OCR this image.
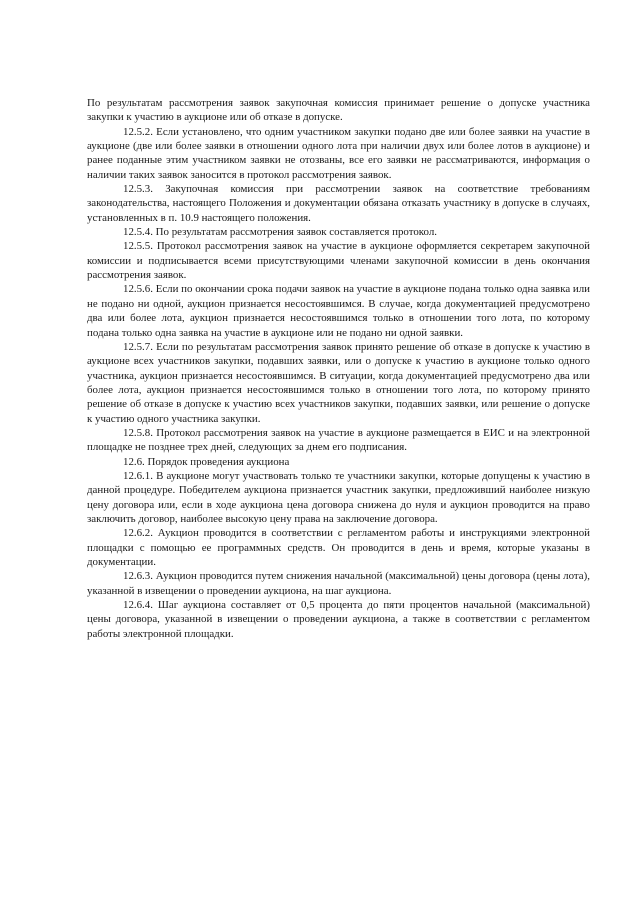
По результатам рассмотрения заявок закупочная комиссия принимает решение о допуске участника закупки к участию в аукционе или об отказе в допуске.

12.5.2. Если установлено, что одним участником закупки подано две или более заявки на участие в аукционе (две или более заявки в отношении одного лота при наличии двух или более лотов в аукционе) и ранее поданные этим участником заявки не отозваны, все его заявки не рассматриваются, информация о наличии таких заявок заносится в протокол рассмотрения заявок.

12.5.3. Закупочная комиссия при рассмотрении заявок на соответствие требованиям законодательства, настоящего Положения и документации обязана отказать участнику в допуске в случаях, установленных в п. 10.9 настоящего положения.

12.5.4. По результатам рассмотрения заявок составляется протокол.

12.5.5. Протокол рассмотрения заявок на участие в аукционе оформляется секретарем закупочной комиссии и подписывается всеми присутствующими членами закупочной комиссии в день окончания рассмотрения заявок.

12.5.6. Если по окончании срока подачи заявок на участие в аукционе подана только одна заявка или не подано ни одной, аукцион признается несостоявшимся. В случае, когда документацией предусмотрено два или более лота, аукцион признается несостоявшимся только в отношении того лота, по которому подана только одна заявка на участие в аукционе или не подано ни одной заявки.

12.5.7. Если по результатам рассмотрения заявок принято решение об отказе в допуске к участию в аукционе всех участников закупки, подавших заявки, или о допуске к участию в аукционе только одного участника, аукцион признается несостоявшимся. В ситуации, когда документацией предусмотрено два или более лота, аукцион признается несостоявшимся только в отношении того лота, по которому принято решение об отказе в допуске к участию всех участников закупки, подавших заявки, или решение о допуске к участию одного участника закупки.

12.5.8. Протокол рассмотрения заявок на участие в аукционе размещается в ЕИС и на электронной площадке не позднее трех дней, следующих за днем его подписания.

12.6. Порядок проведения аукциона

12.6.1. В аукционе могут участвовать только те участники закупки, которые допущены к участию в данной процедуре. Победителем аукциона признается участник закупки, предложивший наиболее низкую цену договора или, если в ходе аукциона цена договора снижена до нуля и аукцион проводится на право заключить договор, наиболее высокую цену права на заключение договора.

12.6.2. Аукцион проводится в соответствии с регламентом работы и инструкциями электронной площадки с помощью ее программных средств. Он проводится в день и время, которые указаны в документации.

12.6.3. Аукцион проводится путем снижения начальной (максимальной) цены договора (цены лота), указанной в извещении о проведении аукциона, на шаг аукциона.

12.6.4. Шаг аукциона составляет от 0,5 процента до пяти процентов начальной (максимальной) цены договора, указанной в извещении о проведении аукциона, а также в соответствии с регламентом работы электронной площадки.
